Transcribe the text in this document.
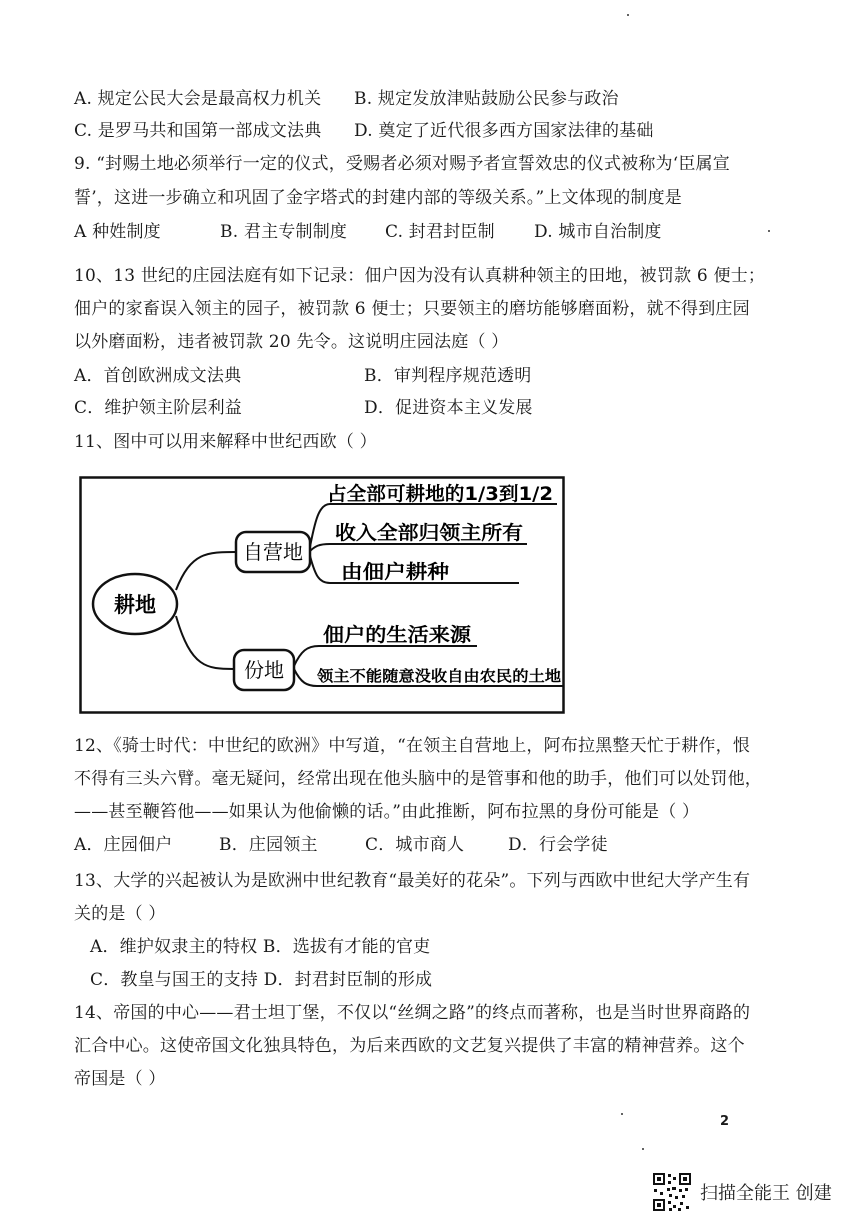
A. 规定公民大会是最高权力机关 B. 规定发放津贴鼓励公民参与政治
C. 是罗马共和国第一部成文法典 D. 奠定了近代很多西方国家法律的基础
9. “封赐土地必须举行一定的仪式，受赐者必须对赐予者宣誓效忠的仪式被称为‘臣属宣
誓’，这进一步确立和巩固了金字塔式的封建内部的等级关系。”上文体现的制度是
A 种姓制度	B. 君主专制制度 C. 封君封臣制 D. 城市自治制度
10、13 世纪的庄园法庭有如下记录：佃户因为没有认真耕种领主的田地，被罚款 6 便士；
佃户的家畜误入领主的园子，被罚款 6 便士；只要领主的磨坊能够磨面粉，就不得到庄园
以外磨面粉，违者被罚款 20 先令。这说明庄园法庭（ ）
A．首创欧洲成文法典	B．审判程序规范透明
C．维护领主阶层利益	D．促进资本主义发展
11、图中可以用来解释中世纪西欧（ ）
耕地
自营地
份地
占全部可耕地的1/3到1/2
收入全部归领主所有
由佃户耕种
佃户的生活来源
领主不能随意没收自由农民的土地
12、《骑士时代：中世纪的欧洲》中写道，“在领主自营地上，阿布拉黑整天忙于耕作，恨
不得有三头六臂。毫无疑问，经常出现在他头脑中的是管事和他的助手，他们可以处罚他，
——甚至鞭笞他——如果认为他偷懒的话。”由此推断，阿布拉黑的身份可能是（ ）
A．庄园佃户	B．庄园领主	C．城市商人	D．行会学徒
13、大学的兴起被认为是欧洲中世纪教育“最美好的花朵”。下列与西欧中世纪大学产生有
关的是（ ）
A．维护奴隶主的特权 B．选拔有才能的官吏
C．教皇与国王的支持 D．封君封臣制的形成
14、帝国的中心——君士坦丁堡，不仅以“丝绸之路”的终点而著称，也是当时世界商路的
汇合中心。这使帝国文化独具特色，为后来西欧的文艺复兴提供了丰富的精神营养。这个
帝国是（ ）
2
扫描全能王 创建
